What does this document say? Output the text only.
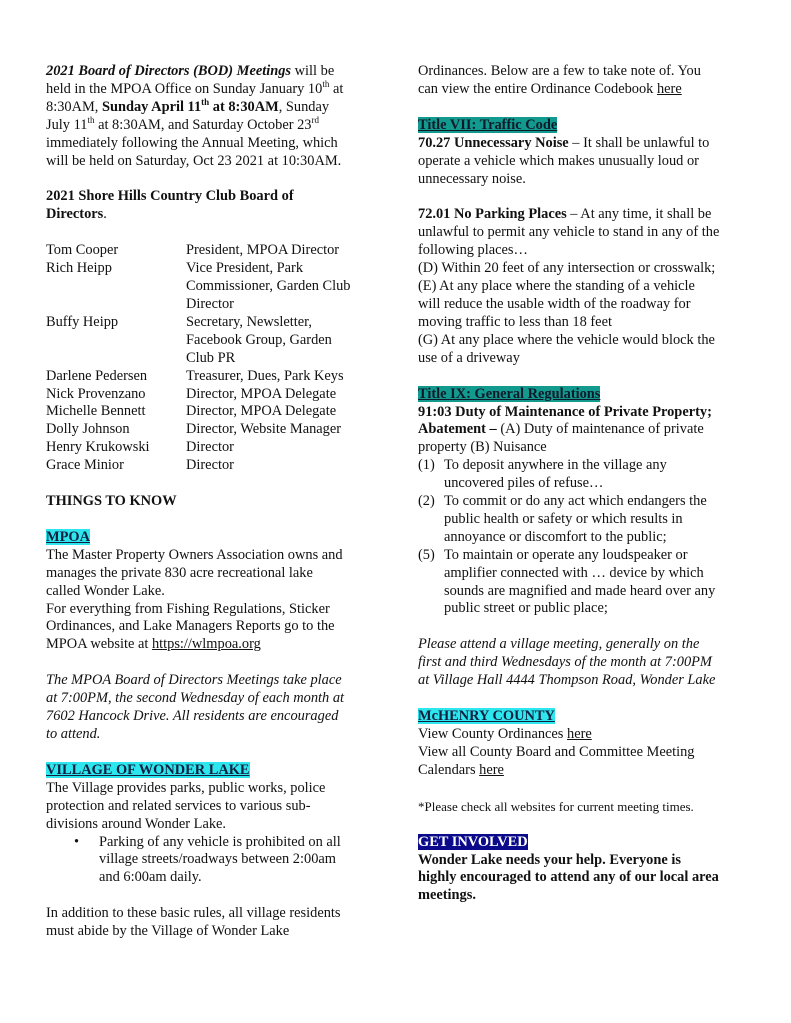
2021 Board of Directors (BOD) Meetings will be
held in the MPOA Office on Sunday January 10th at
8:30AM, Sunday April 11th at 8:30AM, Sunday
July 11th at 8:30AM, and Saturday October 23rd
immediately following the Annual Meeting, which
will be held on Saturday, Oct 23 2021 at 10:30AM.

2021 Shore Hills Country Club Board of
Directors.

Tom Cooper	President, MPOA Director

Rich Heipp	Vice President, Park
Commissioner, Garden Club
Director

Buffy Heipp	Secretary, Newsletter,
Facebook Group, Garden
Club PR

Darlene Pedersen	Treasurer, Dues, Park Keys

Nick Provenzano	Director, MPOA Delegate

Michelle Bennett	Director, MPOA Delegate

Dolly Johnson	Director, Website Manager

Henry Krukowski	Director

Grace Minior	Director

THINGS TO KNOW

MPOA

The Master Property Owners Association owns and
manages the private 830 acre recreational lake
called Wonder Lake.
For everything from Fishing Regulations, Sticker
Ordinances, and Lake Managers Reports go to the

MPOA website at https://wlmpoa.org

The MPOA Board of Directors Meetings take place
at 7:00PM, the second Wednesday of each month at
7602 Hancock Drive. All residents are encouraged
to attend.

VILLAGE OF WONDER LAKE

The Village provides parks, public works, police
protection and related services to various sub-
divisions around Wonder Lake.
•	Parking of any vehicle is prohibited on all
village streets/roadways between 2:00am
and 6:00am daily.
In addition to these basic rules, all village residents
must abide by the Village of Wonder Lake

Ordinances. Below are a few to take note of. You
can view the entire Ordinance Codebook here

Title VII: Traffic Code

70.27 Unnecessary Noise – It shall be unlawful to
operate a vehicle which makes unusually loud or
unnecessary noise.

72.01 No Parking Places – At any time, it shall be
unlawful to permit any vehicle to stand in any of the
following places…
(D) Within 20 feet of any intersection or crosswalk;
(E) At any place where the standing of a vehicle
will reduce the usable width of the roadway for
moving traffic to less than 18 feet
(G) At any place where the vehicle would block the
use of a driveway

Title IX: General Regulations

91:03 Duty of Maintenance of Private Property;
Abatement – (A) Duty of maintenance of private
property (B) Nuisance

(1) To deposit anywhere in the village any
uncovered piles of refuse…
(2) To commit or do any act which endangers the
public health or safety or which results in
annoyance or discomfort to the public;
(5) To maintain or operate any loudspeaker or
amplifier connected with … device by which
sounds are magnified and made heard over any
public street or public place;
Please attend a village meeting, generally on the
first and third Wednesdays of the month at 7:00PM
at Village Hall 4444 Thompson Road, Wonder Lake

McHENRY COUNTY

View County Ordinances here

View all County Board and Committee Meeting
Calendars here

*Please check all websites for current meeting times.

GET INVOLVED

Wonder Lake needs your help. Everyone is
highly encouraged to attend any of our local area
meetings.
